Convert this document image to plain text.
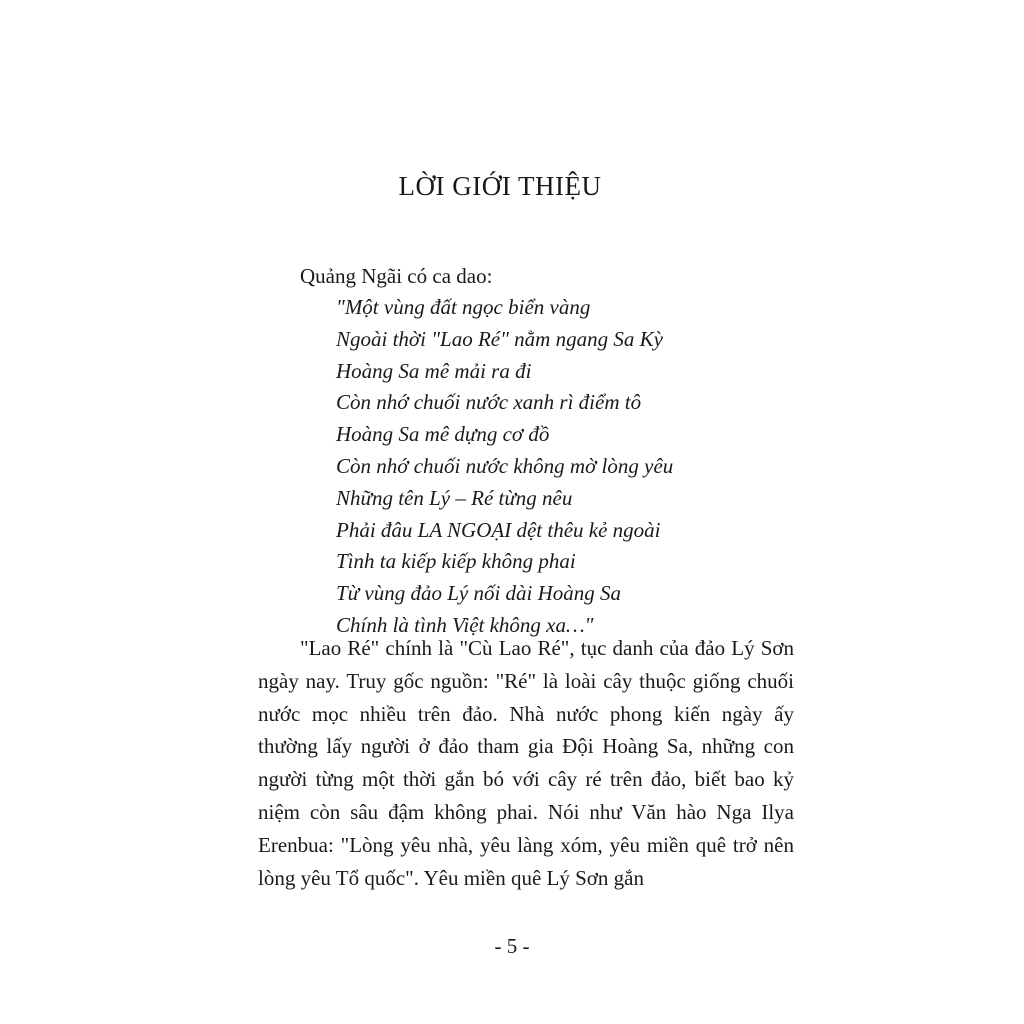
LỜI GIỚI THIỆU
Quảng Ngãi có ca dao:
"Một vùng đất ngọc biển vàng
Ngoài thời "Lao Ré" nằm ngang Sa Kỳ
Hoàng Sa mê mải ra đi
Còn nhớ chuối nước xanh rì điểm tô
Hoàng Sa mê dựng cơ đồ
Còn nhớ chuối nước không mờ lòng yêu
Những tên Lý – Ré từng nêu
Phải đâu LA NGOẠI dệt thêu kẻ ngoài
Tình ta kiếp kiếp không phai
Từ vùng đảo Lý nối dài Hoàng Sa
Chính là tình Việt không xa…"
"Lao Ré" chính là "Cù Lao Ré", tục danh của đảo Lý Sơn ngày nay. Truy gốc nguồn: "Ré" là loài cây thuộc giống chuối nước mọc nhiều trên đảo. Nhà nước phong kiến ngày ấy thường lấy người ở đảo tham gia Đội Hoàng Sa, những con người từng một thời gắn bó với cây ré trên đảo, biết bao kỷ niệm còn sâu đậm không phai. Nói như Văn hào Nga Ilya Erenbua: "Lòng yêu nhà, yêu làng xóm, yêu miền quê trở nên lòng yêu Tổ quốc". Yêu miền quê Lý Sơn gắn
- 5 -
